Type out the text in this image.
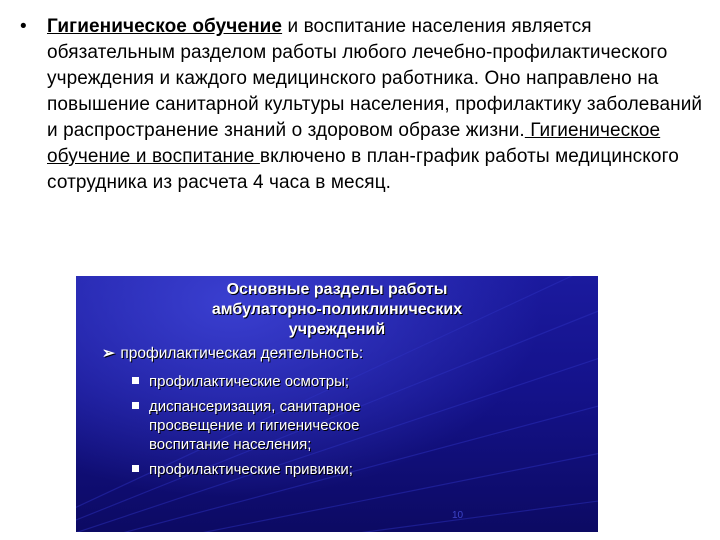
• Гигиеническое обучение и воспитание населения является обязательным разделом работы любого лечебно-профилактического учреждения и каждого медицинского работника. Оно направлено на повышение санитарной культуры населения, профилактику заболеваний и распространение знаний о здоровом образе жизни. Гигиеническое обучение и воспитание включено в план-график работы медицинского сотрудника из расчета 4 часа в месяц.

Основные разделы работы
амбулаторно-поликлинических
учреждений
➢ профилактическая деятельность:
профилактические осмотры;
диспансеризация, санитарное
просвещение и гигиеническое
воспитание населения;
профилактические прививки;
10
